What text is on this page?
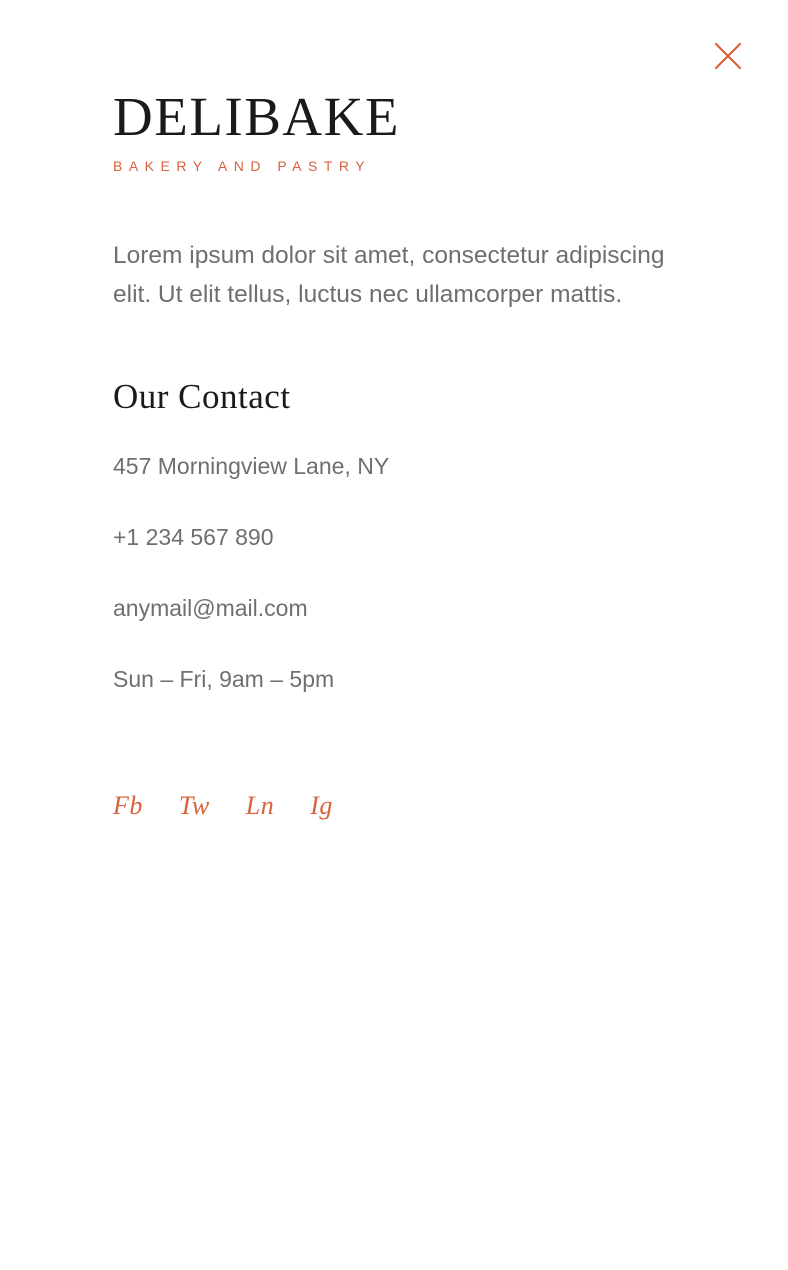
DELIBAKE
BAKERY AND PASTRY

Lorem ipsum dolor sit amet, consectetur adipiscing elit. Ut elit tellus, luctus nec ullamcorper mattis.

Our Contact
457 Morningview Lane, NY
+1 234 567 890
anymail@mail.com
Sun – Fri, 9am – 5pm
Fb Tw Ln Ig
